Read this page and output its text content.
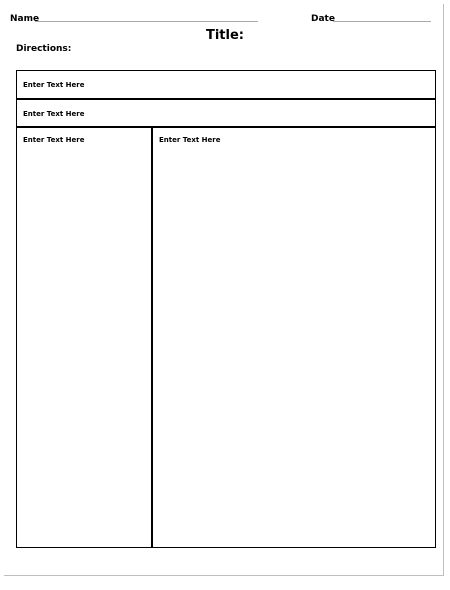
Name	Date
Title:
Directions:
Enter Text Here
Enter Text Here
Enter Text Here	Enter Text Here
